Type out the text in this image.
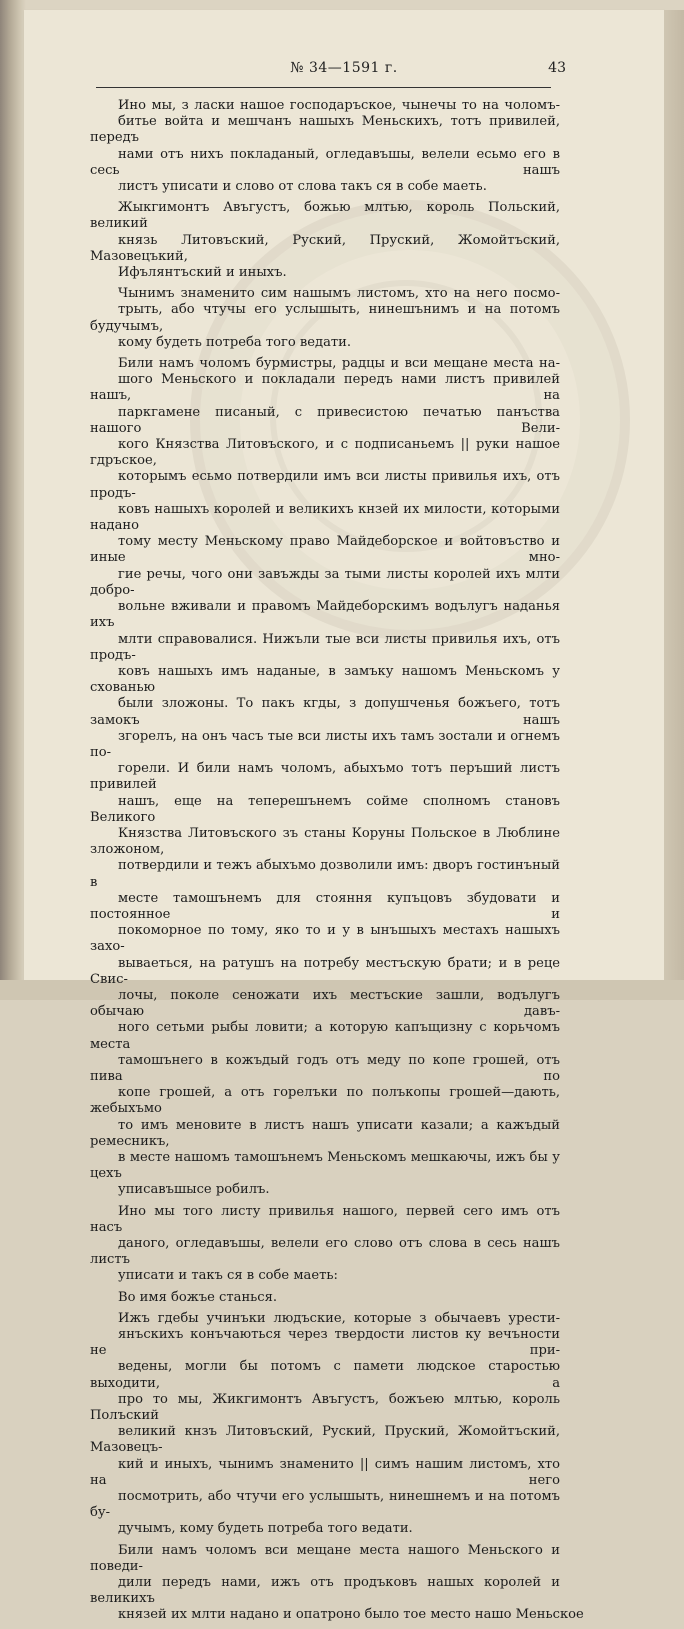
№ 34—1591 г.	43

Ино мы, з ласки нашое господаръское, чынечы то на чоломъ-
битье войта и мешчанъ нашыхъ Меньскихъ, тотъ привилей, передъ
нами отъ нихъ покладаный, огледавъшы, велели есьмо его в сесь нашъ
листъ уписати и слово от слова такъ ся в собе маеть.

Жыкгимонтъ Авъгустъ, божью млтью, король Польский, великий
князь Литовъский, Руский, Пруский, Жомойтъский, Мазовецъкий,
Ифълянтъский и иныхъ.

Чынимъ знаменито сим нашымъ листомъ, хто на него посмо-
трыть, або чтучы его услышыть, нинешънимъ и на потомъ будучымъ,
кому будеть потреба того ведати.

Били намъ чоломъ бурмистры, радцы и вси мещане места на-
шого Меньского и покладали передъ нами листъ привилей нашъ, на
паркгамене писаный, с привесистою печатью панъства нашого Вели-
кого Князства Литовъского, и с подписаньемъ || руки нашое гдръское,
которымъ есьмо потвердили имъ вси листы привилья ихъ, отъ продъ-
ковъ нашыхъ королей и великихъ кнзей их милости, которыми надано
тому месту Меньскому право Майдеборское и войтовъство и иные мно-
гие речы, чого они завъжды за тыми листы королей ихъ млти добро-
вольне вживали и правомъ Майдеборскимъ водълугъ наданья ихъ
млти справовалися. Нижъли тые вси листы привилья ихъ, отъ продъ-
ковъ нашыхъ имъ наданые, в замъку нашомъ Меньскомъ у схованью
были зложоны. То пакъ кгды, з допушченья божъего, тотъ замокъ нашъ
згорелъ, на онъ часъ тые вси листы ихъ тамъ зостали и огнемъ по-
горели. И били намъ чоломъ, абыхъмо тотъ перъший листъ привилей
нашъ, еще на теперешънемъ сойме сполномъ становъ Великого
Князства Литовъского зъ станы Коруны Польское в Люблине зложоном,
потвердили и тежъ абыхъмо дозволили имъ: дворъ гостинъный в
месте тамошънемъ для стояння купъцовъ збудовати и постоянное и
покоморное по тому, яко то и у в ынъшыхъ местахъ нашыхъ захо-
вываеться, на ратушъ на потребу местъскую брати; и в реце Свис-
лочы, поколе сеножати ихъ местъские зашли, водълугъ обычаю давъ-
ного сетьми рыбы ловити; а которую капъщизну с корьчомъ места
тамошънего в кожъдый годъ отъ меду по копе грошей, отъ пива по
копе грошей, а отъ горелъки по полъкопы грошей—дають, жебыхъмо
то имъ меновите в листъ нашъ уписати казали; а кажъдый ремесникъ,
в месте нашомъ тамошънемъ Меньскомъ мешкаючы, ижъ бы у цехъ
уписавъшысе робилъ.

Ино мы того листу привилья нашого, первей сего имъ отъ насъ
даного, огледавъшы, велели его слово отъ слова в сесь нашъ листъ
уписати и такъ ся в собе маеть:

Во имя божъе станься.

Ижъ гдебы учинъки людъские, которые з обычаевъ урести-
янъскихъ конъчаються через твердости листов ку вечъности не при-
ведены, могли бы потомъ с памети людское старостью выходити, а
про то мы, Жикгимонтъ Авъгустъ, божъею млтью, король Полъский
великий кнзъ Литовъский, Руский, Пруский, Жомойтъский, Мазовецъ-
кий и иныхъ, чынимъ знаменито || симъ нашим листомъ, хто на него
посмотрить, або чтучи его услышыть, нинешнемъ и на потомъ бу-
дучымъ, кому будеть потреба того ведати.

Били намъ чоломъ вси мещане места нашого Меньского и поведи-
дили передъ нами, ижъ отъ продъковъ нашых королей и великихъ
князей их млти надано и опатроно было тое место нашо Меньское
